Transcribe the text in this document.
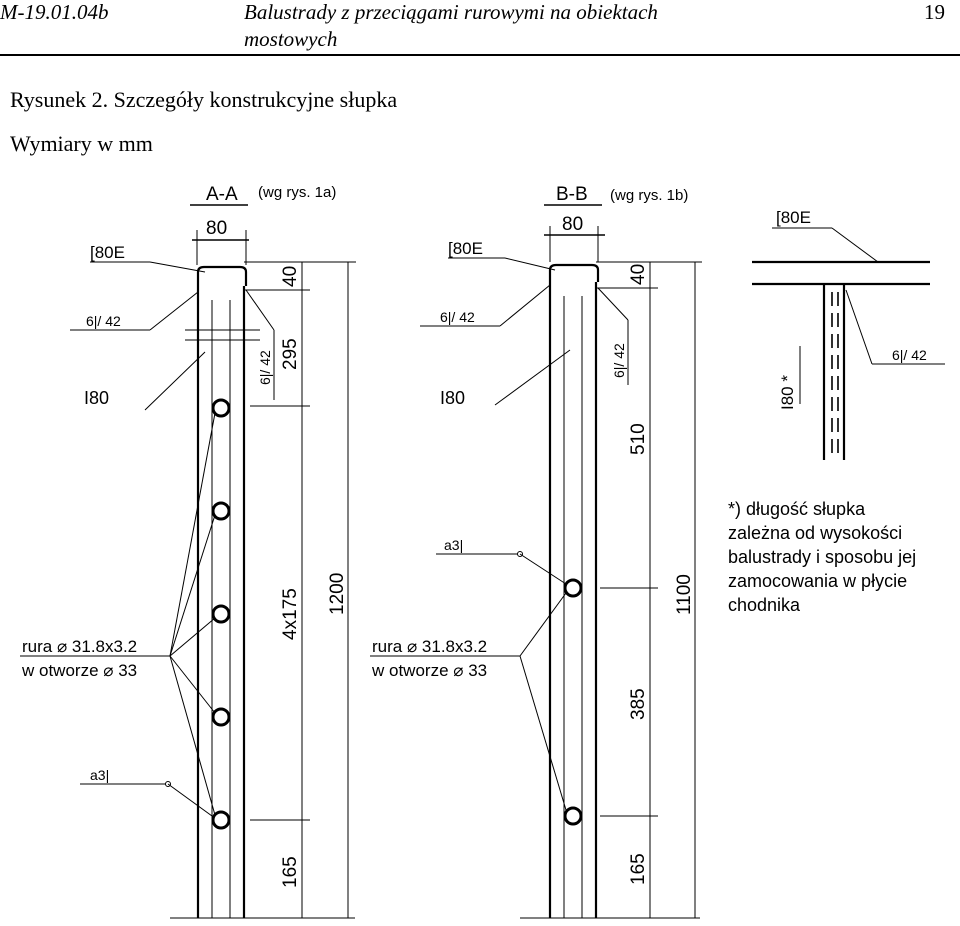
M-19.01.04b	Balustrady z przeciągami rurowymi na obiektach
mostowych
19
Rysunek 2. Szczegóły konstrukcyjne słupka
Wymiary w mm
A-A (wg rys. 1a)
80
[80E
6|/ 42
6|/ 42
I80
rura ⌀ 31.8x3.2
w otworze ⌀ 33
a3|
40
295
4x175
165
1200
B-B (wg rys. 1b)
80
[80E
6|/ 42
6|/ 42
I80
a3|
rura ⌀ 31.8x3.2
w otworze ⌀ 33
40
510
385
165
1100
[80E
I80 *
6|/ 42
*) długość słupka
zależna od wysokości
balustrady i sposobu jej
zamocowania w płycie
chodnika
